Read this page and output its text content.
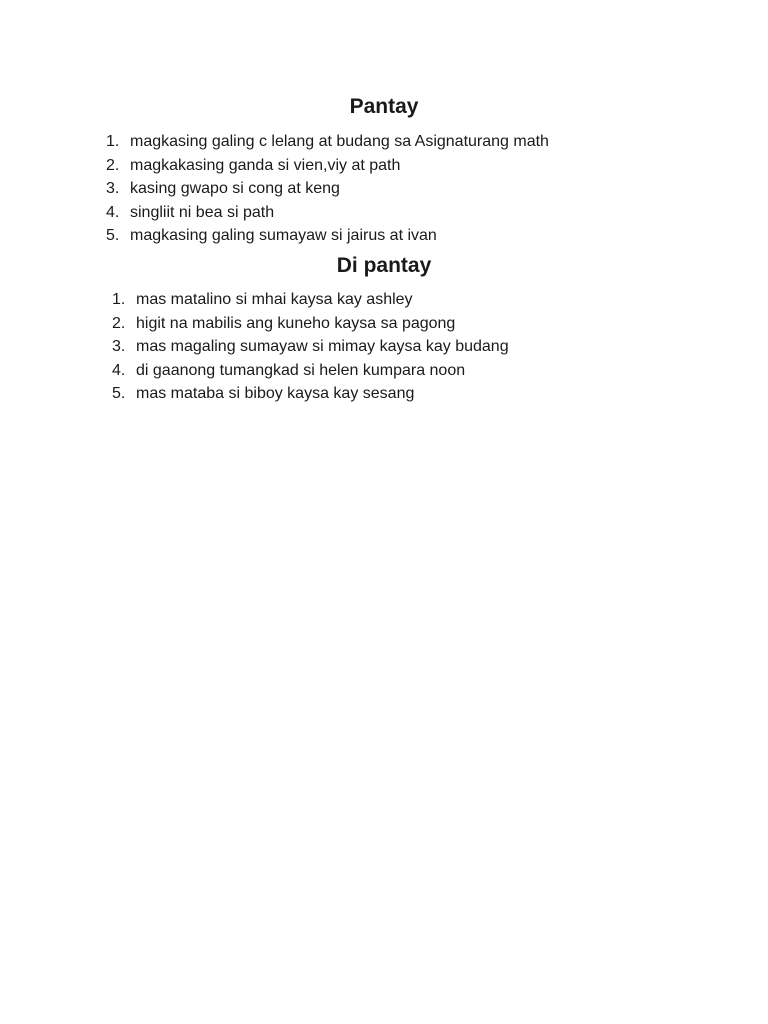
Pantay
1. magkasing galing c lelang at budang sa Asignaturang math
2. magkakasing ganda si vien,viy at path
3. kasing gwapo si cong at keng
4. singliit ni bea si path
5. magkasing galing sumayaw si jairus at ivan
Di pantay
1. mas matalino si mhai kaysa kay ashley
2. higit na mabilis ang kuneho kaysa sa pagong
3. mas magaling sumayaw si mimay kaysa kay budang
4. di gaanong tumangkad si helen kumpara noon
5. mas mataba si biboy kaysa kay sesang
